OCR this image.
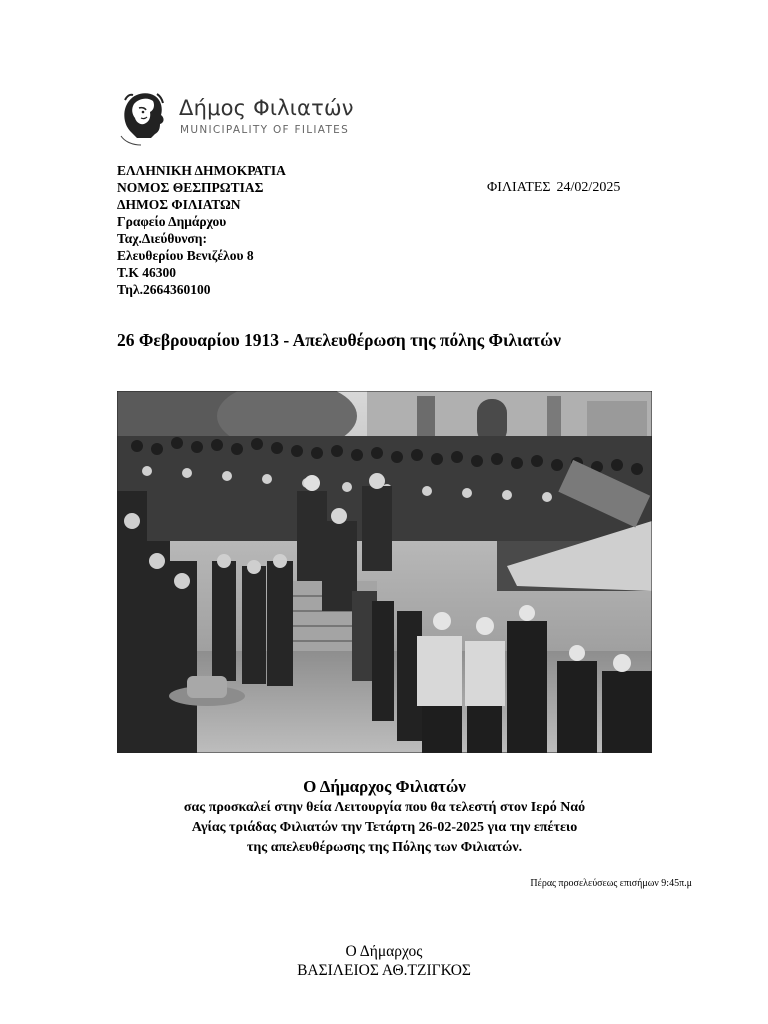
Δήμος Φιλιατών
MUNICIPALITY OF FILIATES
ΕΛΛΗΝΙΚΗ ΔΗΜΟΚΡΑΤΙΑ
ΝΟΜΟΣ ΘΕΣΠΡΩΤΙΑΣ
ΔΗΜΟΣ ΦΙΛΙΑΤΩΝ
Γραφείο Δημάρχου
Ταχ.Διεύθυνση:
Ελευθερίου Βενιζέλου 8
Τ.Κ 46300
Τηλ.2664360100
ΦΙΛΙΑΤΕΣ 24/02/2025
26 Φεβρουαρίου 1913 - Απελευθέρωση της πόλης Φιλιατών
Ο Δήμαρχος Φιλιατών
σας προσκαλεί στην θεία Λειτουργία που θα τελεστή στον Ιερό Ναό
Αγίας τριάδας Φιλιατών την Τετάρτη 26-02-2025 για την επέτειο
της απελευθέρωσης της Πόλης των Φιλιατών.
Πέρας προσελεύσεως επισήμων 9:45π.μ
Ο Δήμαρχος
ΒΑΣΙΛΕΙΟΣ ΑΘ.ΤΖΙΓΚΟΣ
